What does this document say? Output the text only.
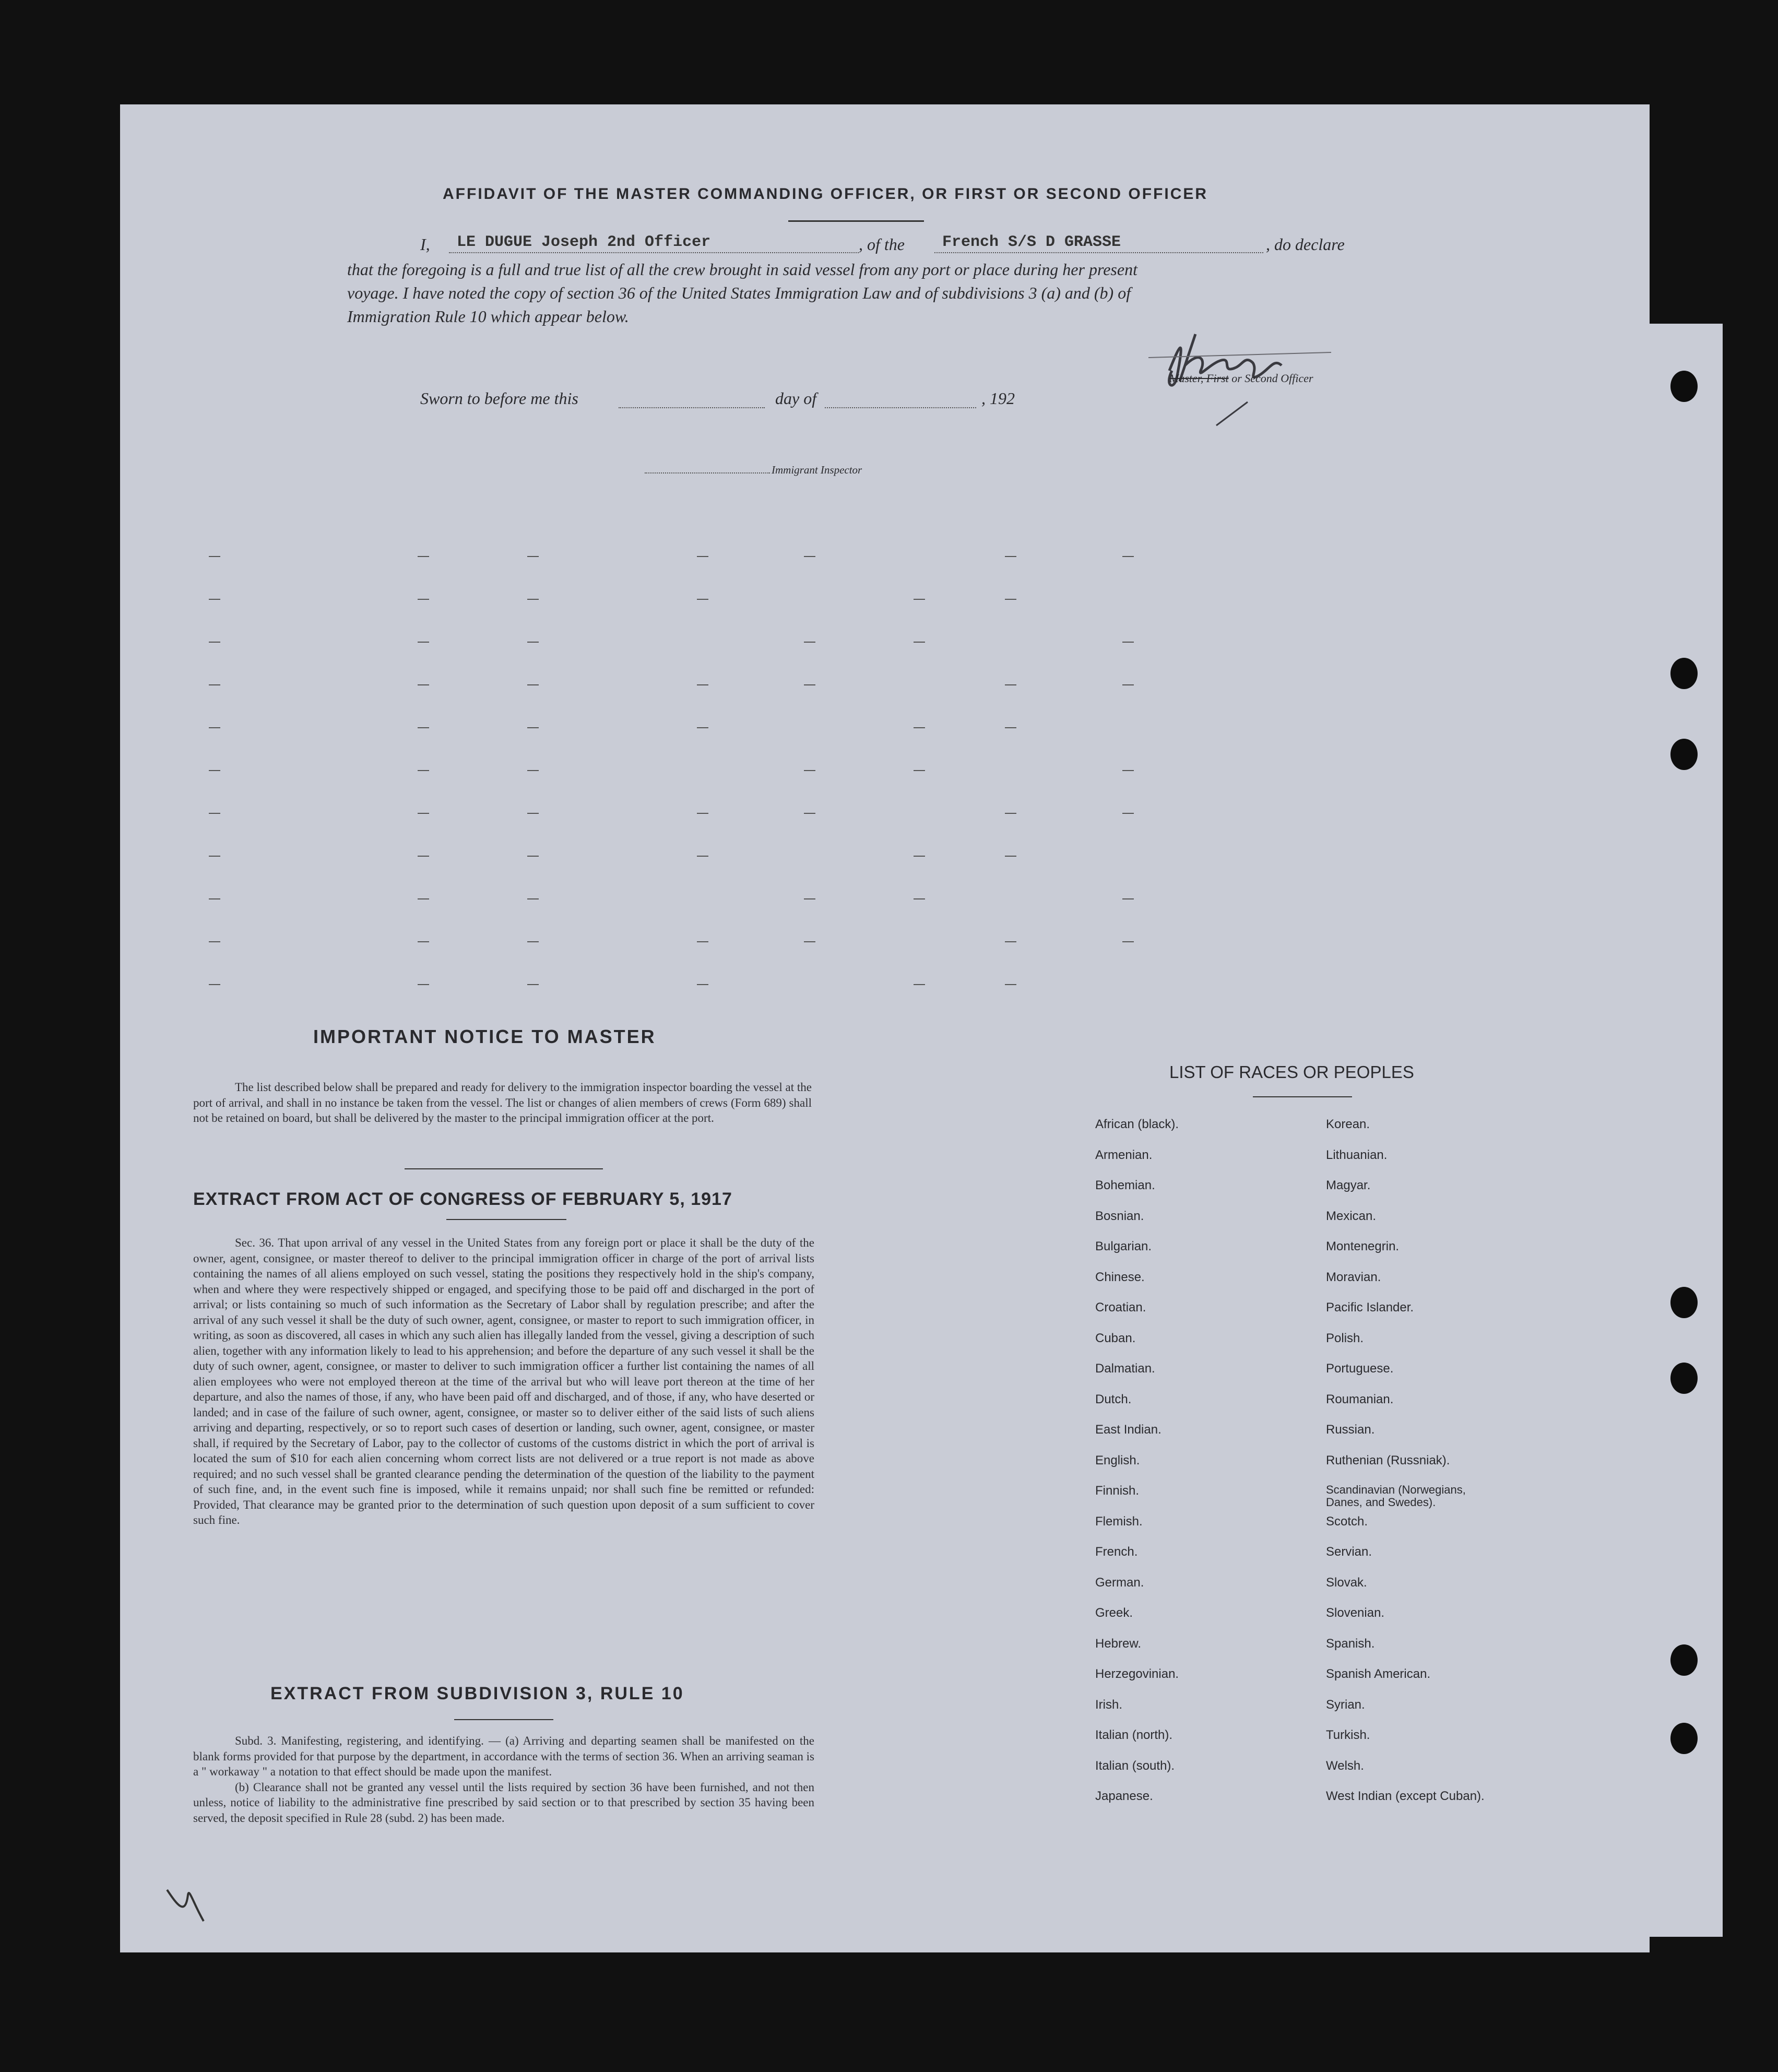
AFFIDAVIT OF THE MASTER COMMANDING OFFICER, OR FIRST OR SECOND OFFICER
I, LE DUGUE Joseph 2nd Officer	, of the French S/S D GRASSE	, do declare
that the foregoing is a full and true list of all the crew brought in said vessel from any port or place during her present
voyage. I have noted the copy of section 36 of the United States Immigration Law and of subdivisions 3 (a) and (b) of
Immigration Rule 10 which appear below.
Master, First or Second Officer
Sworn to before me this	day of	, 192
Immigrant Inspector
IMPORTANT NOTICE TO MASTER

The list described below shall be prepared and ready for delivery to the immigration inspector boarding the vessel at the port of arrival, and shall in no instance be taken from the vessel. The list or changes of alien members of crews (Form 689) shall not be retained on board, but shall be delivered by the master to the principal immigration officer at the port.

EXTRACT FROM ACT OF CONGRESS OF FEBRUARY 5, 1917

Sec. 36. That upon arrival of any vessel in the United States from any foreign port or place it shall be the duty of the owner, agent, consignee, or master thereof to deliver to the principal immigration officer in charge of the port of arrival lists containing the names of all aliens employed on such vessel, stating the positions they respectively hold in the ship's company, when and where they were respectively shipped or engaged, and specifying those to be paid off and discharged in the port of arrival; or lists containing so much of such information as the Secretary of Labor shall by regulation prescribe; and after the arrival of any such vessel it shall be the duty of such owner, agent, consignee, or master to report to such immigration officer, in writing, as soon as discovered, all cases in which any such alien has illegally landed from the vessel, giving a description of such alien, together with any information likely to lead to his apprehension; and before the departure of any such vessel it shall be the duty of such owner, agent, consignee, or master to deliver to such immigration officer a further list containing the names of all alien employees who were not employed thereon at the time of the arrival but who will leave port thereon at the time of her departure, and also the names of those, if any, who have been paid off and discharged, and of those, if any, who have deserted or landed; and in case of the failure of such owner, agent, consignee, or master so to deliver either of the said lists of such aliens arriving and departing, respectively, or so to report such cases of desertion or landing, such owner, agent, consignee, or master shall, if required by the Secretary of Labor, pay to the collector of customs of the customs district in which the port of arrival is located the sum of $10 for each alien concerning whom correct lists are not delivered or a true report is not made as above required; and no such vessel shall be granted clearance pending the determination of the question of the liability to the payment of such fine, and, in the event such fine is imposed, while it remains unpaid; nor shall such fine be remitted or refunded: Provided, That clearance may be granted prior to the determination of such question upon deposit of a sum sufficient to cover such fine.

EXTRACT FROM SUBDIVISION 3, RULE 10

Subd. 3. Manifesting, registering, and identifying. — (a) Arriving and departing seamen shall be manifested on the blank forms provided for that purpose by the department, in accordance with the terms of section 36. When an arriving seaman is a " workaway " a notation to that effect should be made upon the manifest.

(b) Clearance shall not be granted any vessel until the lists required by section 36 have been furnished, and not then unless, notice of liability to the administrative fine prescribed by said section or to that prescribed by section 35 having been served, the deposit specified in Rule 28 (subd. 2) has been made.

LIST OF RACES OR PEOPLES
African (black).
Armenian.
Bohemian.
Bosnian.
Bulgarian.
Chinese.
Croatian.
Cuban.
Dalmatian.
Dutch.
East Indian.
English.
Finnish.
Flemish.
French.
German.
Greek.
Hebrew.
Herzegovinian.
Irish.
Italian (north).
Italian (south).
Japanese.
Korean.
Lithuanian.
Magyar.
Mexican.
Montenegrin.
Moravian.
Pacific Islander.
Polish.
Portuguese.
Roumanian.
Russian.
Ruthenian (Russniak).
Scandinavian (Norwegians, Danes, and Swedes).
Scotch.
Servian.
Slovak.
Slovenian.
Spanish.
Spanish American.
Syrian.
Turkish.
Welsh.
West Indian (except Cuban).
